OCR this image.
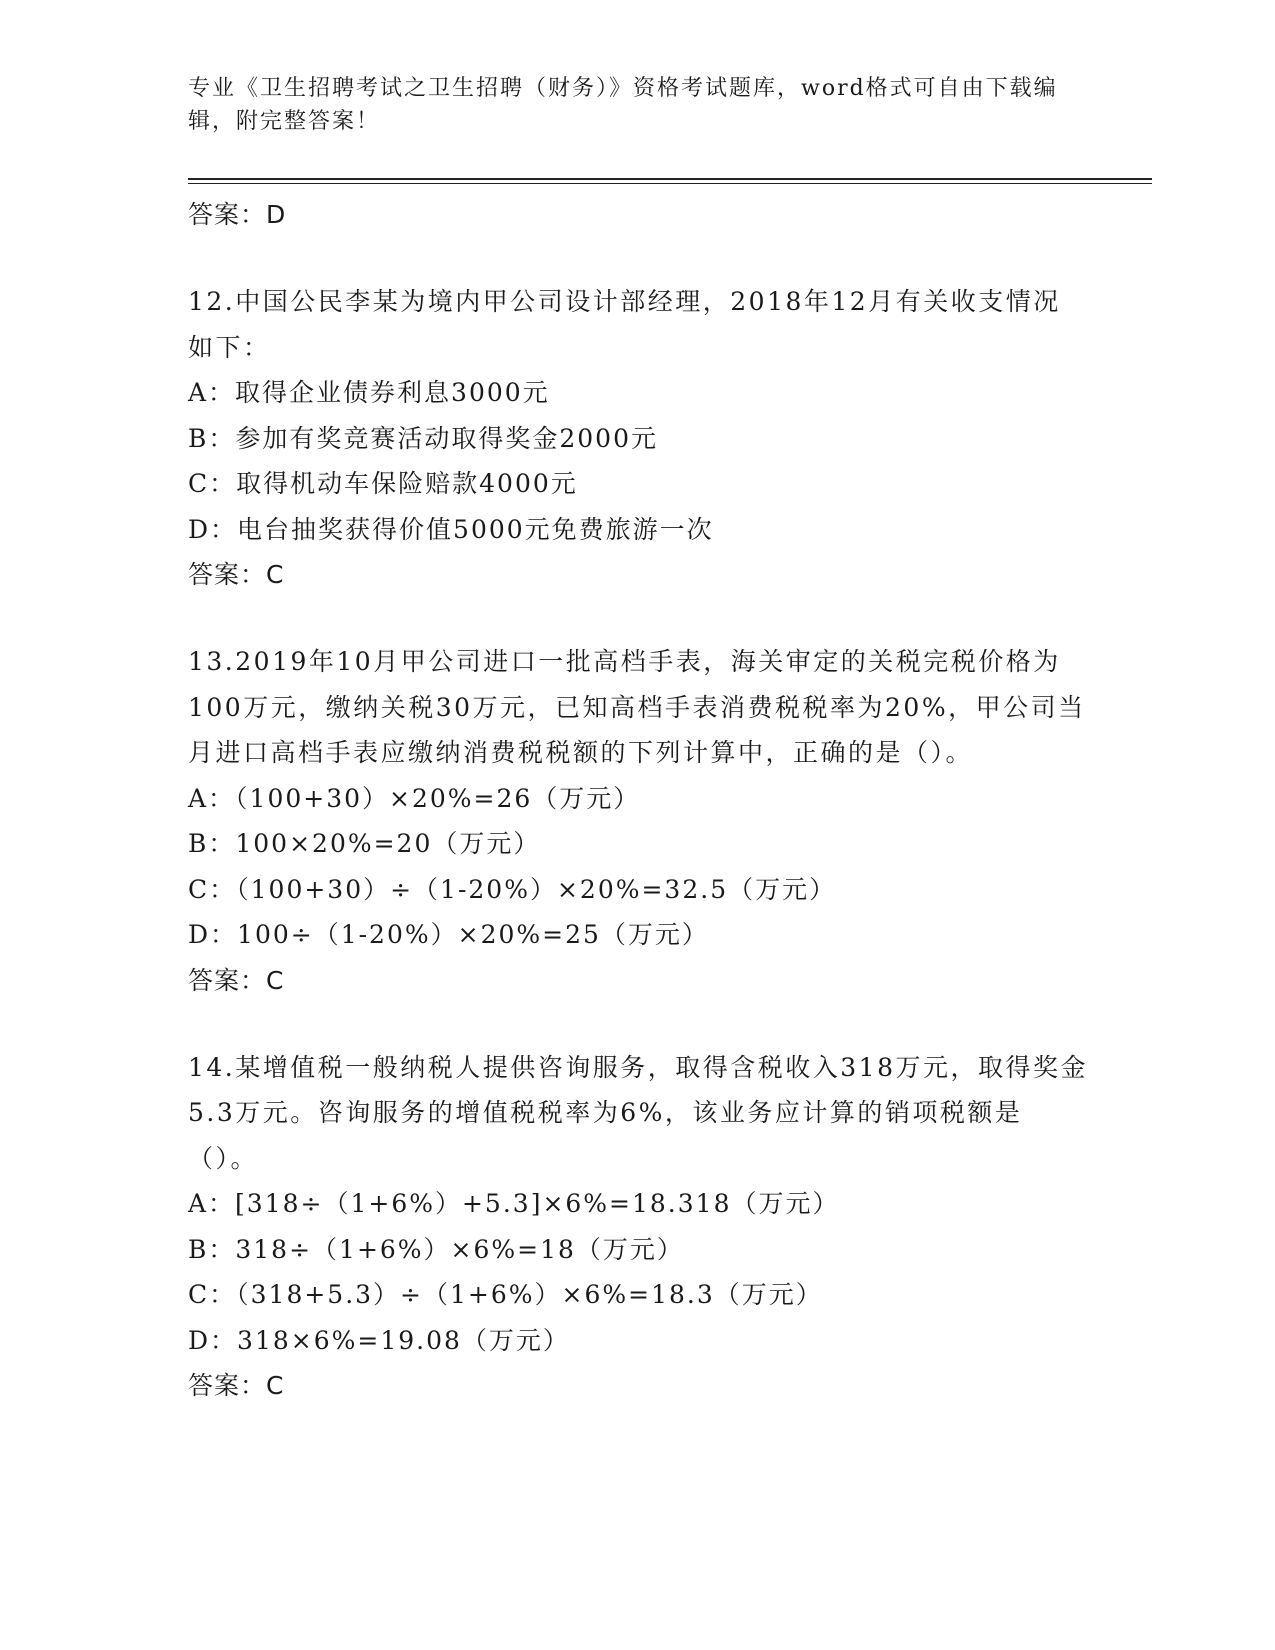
专业《卫生招聘考试之卫生招聘（财务）》资格考试题库，word格式可自由下载编辑，附完整答案！
答案：D
12.中国公民李某为境内甲公司设计部经理，2018年12月有关收支情况如下：
A：取得企业债券利息3000元
B：参加有奖竞赛活动取得奖金2000元
C：取得机动车保险赔款4000元
D：电台抽奖获得价值5000元免费旅游一次
答案：C
13.2019年10月甲公司进口一批高档手表，海关审定的关税完税价格为100万元，缴纳关税30万元，已知高档手表消费税税率为20%，甲公司当月进口高档手表应缴纳消费税税额的下列计算中，正确的是（）。
A：（100+30）×20%=26（万元）
B：100×20%=20（万元）
C：（100+30）÷（1-20%）×20%=32.5（万元）
D：100÷（1-20%）×20%=25（万元）
答案：C
14.某增值税一般纳税人提供咨询服务，取得含税收入318万元，取得奖金5.3万元。咨询服务的增值税税率为6%，该业务应计算的销项税额是（）。
A：[318÷（1+6%）+5.3]×6%=18.318（万元）
B：318÷（1+6%）×6%=18（万元）
C：（318+5.3）÷（1+6%）×6%=18.3（万元）
D：318×6%=19.08（万元）
答案：C
